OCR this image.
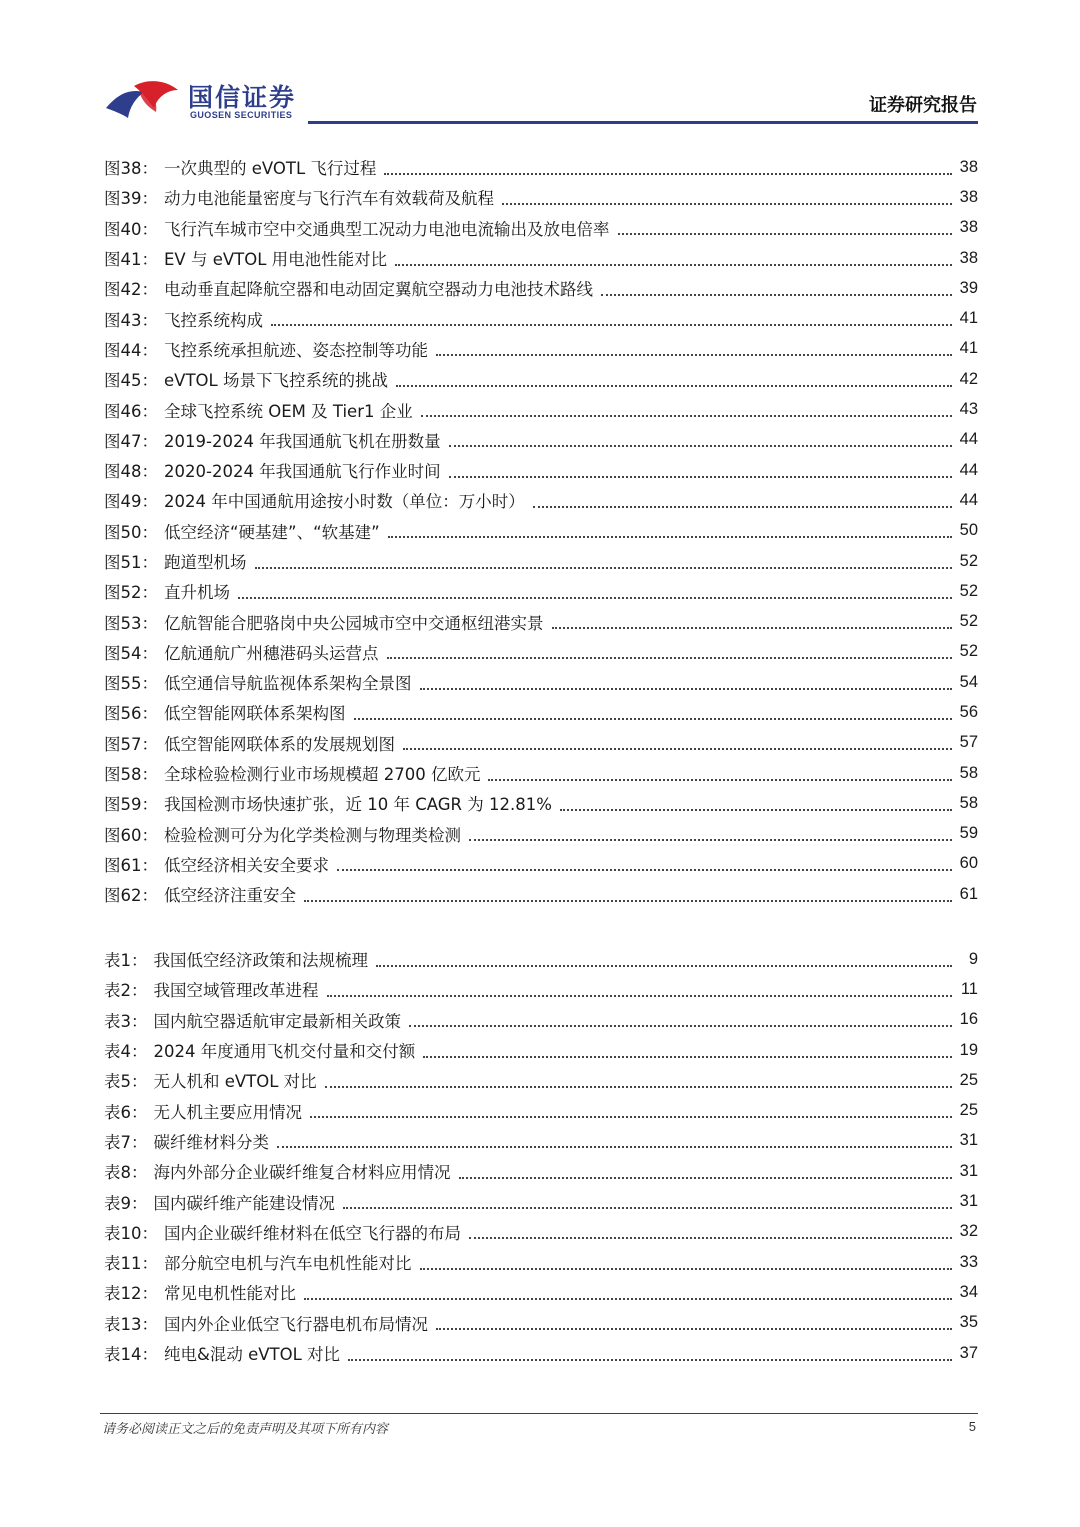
国信证券
GUOSEN SECURITIES	证券研究报告
图38： 一次典型的 eVOTL 飞行过程	38
图39： 动力电池能量密度与飞行汽车有效载荷及航程	38
图40： 飞行汽车城市空中交通典型工况动力电池电流输出及放电倍率	38
图41： EV 与 eVTOL 用电池性能对比	38
图42： 电动垂直起降航空器和电动固定翼航空器动力电池技术路线	39
图43： 飞控系统构成	41
图44： 飞控系统承担航迹、姿态控制等功能	41
图45： eVTOL 场景下飞控系统的挑战	42
图46： 全球飞控系统 OEM 及 Tier1 企业	43
图47： 2019-2024 年我国通航飞机在册数量	44
图48： 2020-2024 年我国通航飞行作业时间	44
图49： 2024 年中国通航用途按小时数（单位：万小时）	44
图50： 低空经济“硬基建”、“软基建”	50
图51： 跑道型机场	52
图52： 直升机场	52
图53： 亿航智能合肥骆岗中央公园城市空中交通枢纽港实景	52
图54： 亿航通航广州穗港码头运营点	52
图55： 低空通信导航监视体系架构全景图	54
图56： 低空智能网联体系架构图	56
图57： 低空智能网联体系的发展规划图	57
图58： 全球检验检测行业市场规模超 2700 亿欧元	58
图59： 我国检测市场快速扩张，近 10 年 CAGR 为 12.81%	58
图60： 检验检测可分为化学类检测与物理类检测	59
图61： 低空经济相关安全要求	60
图62： 低空经济注重安全	61
表1： 我国低空经济政策和法规梳理	9
表2： 我国空域管理改革进程	11
表3： 国内航空器适航审定最新相关政策	16
表4： 2024 年度通用飞机交付量和交付额	19
表5： 无人机和 eVTOL 对比	25
表6： 无人机主要应用情况	25
表7： 碳纤维材料分类	31
表8： 海内外部分企业碳纤维复合材料应用情况	31
表9： 国内碳纤维产能建设情况	31
表10： 国内企业碳纤维材料在低空飞行器的布局	32
表11： 部分航空电机与汽车电机性能对比	33
表12： 常见电机性能对比	34
表13： 国内外企业低空飞行器电机布局情况	35
表14： 纯电&混动 eVTOL 对比	37
请务必阅读正文之后的免责声明及其项下所有内容	5
